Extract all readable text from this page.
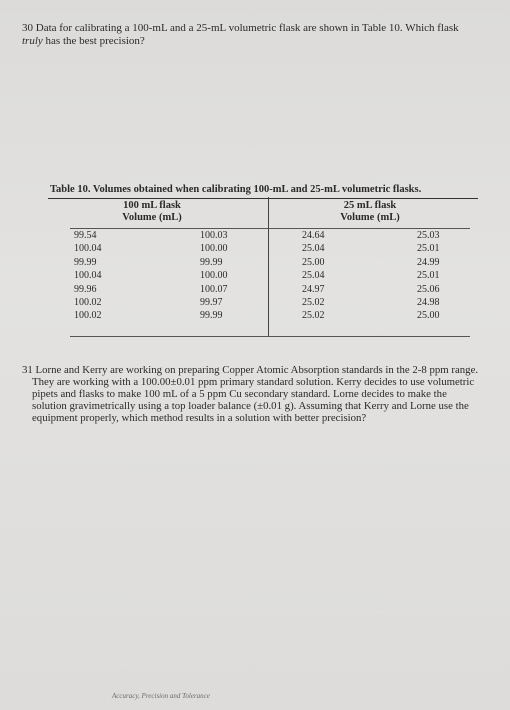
30 Data for calibrating a 100-mL and a 25-mL volumetric flask are shown in Table 10. Which flask truly has the best precision?
Table 10. Volumes obtained when calibrating 100-mL and 25-mL volumetric flasks.
100 mL flask
Volume (mL)
25 mL flask
Volume (mL)
99.54	100.03	24.64	25.03
100.04	100.00	25.04	25.01
99.99	99.99	25.00	24.99
100.04	100.00	25.04	25.01
99.96	100.07	24.97	25.06
100.02	99.97	25.02	24.98
100.02	99.99	25.02	25.00
31 Lorne and Kerry are working on preparing Copper Atomic Absorption standards in the 2-8 ppm range. They are working with a 100.00±0.01 ppm primary standard solution. Kerry decides to use volumetric pipets and flasks to make 100 mL of a 5 ppm Cu secondary standard. Lorne decides to make the solution gravimetrically using a top loader balance (±0.01 g). Assuming that Kerry and Lorne use the equipment properly, which method results in a solution with better precision?
Accuracy, Precision and Tolerance
